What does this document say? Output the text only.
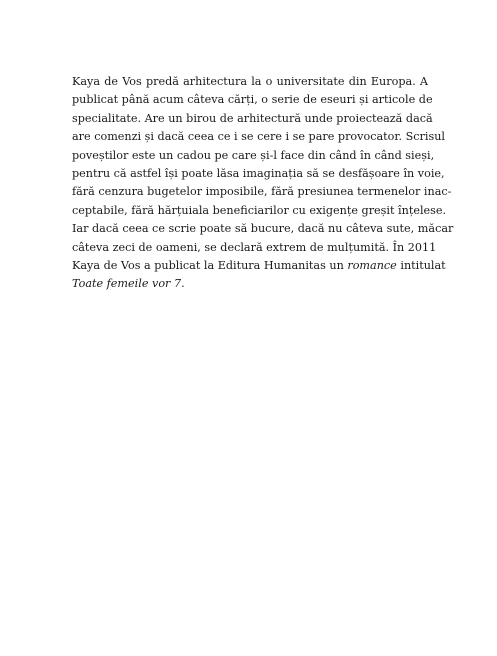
Kaya de Vos predă arhitectura la o universitate din Europa. A
publicat până acum câteva cărți, o serie de eseuri și articole de
specialitate. Are un birou de arhitectură unde proiectează dacă
are comenzi și dacă ceea ce i se cere i se pare provocator. Scrisul
poveștilor este un cadou pe care și-l face din când în când sieși,
pentru că astfel își poate lăsa imaginația să se desfășoare în voie,
fără cenzura bugetelor imposibile, fără presiunea termenelor inac-
ceptabile, fără hărțuiala beneficiarilor cu exigențe greșit înțelese.
Iar dacă ceea ce scrie poate să bucure, dacă nu câteva sute, măcar
câteva zeci de oameni, se declară extrem de mulțumită. În 2011
Kaya de Vos a publicat la Editura Humanitas un romance intitulat
Toate femeile vor 7.
